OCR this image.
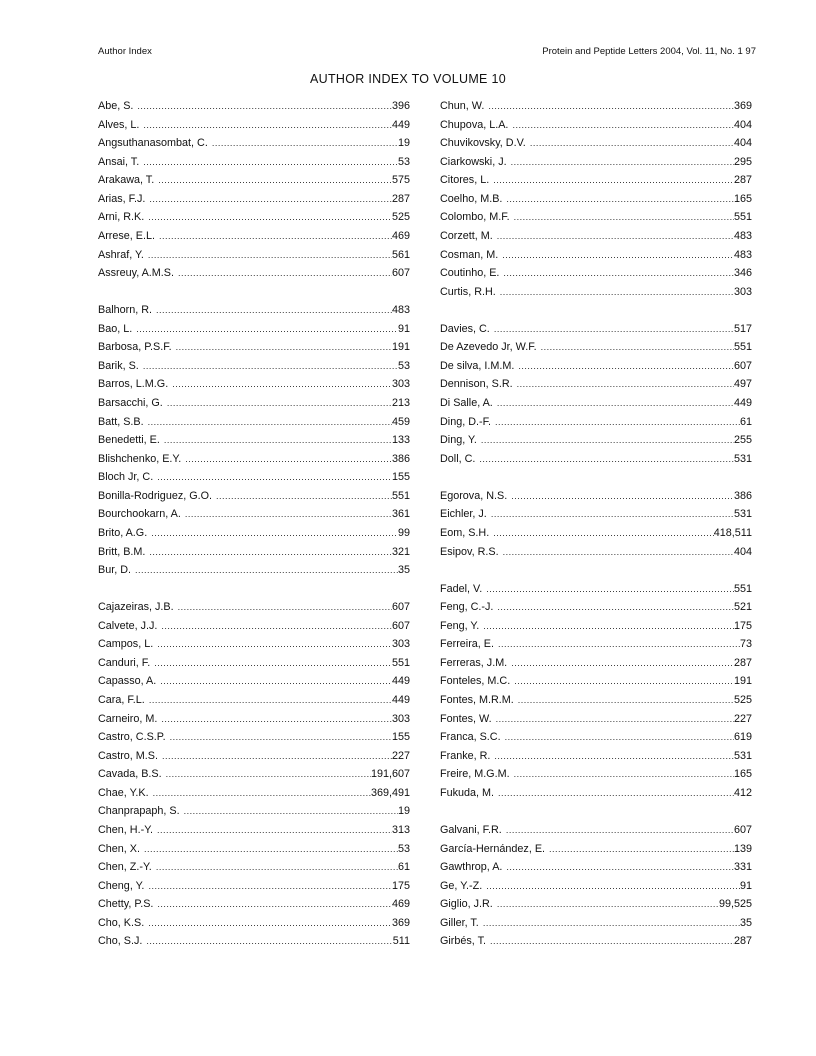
Author Index	Protein and Peptide Letters 2004, Vol. 11, No. 1 97
AUTHOR INDEX TO VOLUME 10
Abe, S. .....	396
Alves, L. .....	449
Angsuthanasombat, C. .....	19
Ansai, T. .....	53
Arakawa, T. .....	575
Arias, F.J. .....	287
Arni, R.K. .....	525
Arrese, E.L. .....	469
Ashraf, Y. .....	561
Assreuy, A.M.S. .....	607
Balhorn, R. .....	483
Bao, L. .....	91
Barbosa, P.S.F. .....	191
Barik, S. .....	53
Barros, L.M.G. .....	303
Barsacchi, G. .....	213
Batt, S.B. .....	459
Benedetti, E. .....	133
Blishchenko, E.Y. .....	386
Bloch Jr, C. .....	155
Bonilla-Rodriguez, G.O. .....	551
Bourchookarn, A. .....	361
Brito, A.G. .....	99
Britt, B.M. .....	321
Bur, D. .....	35
Cajazeiras, J.B. .....	607
Calvete, J.J. .....	607
Campos, L. .....	303
Canduri, F. .....	551
Capasso, A. .....	449
Cara, F.L. .....	449
Carneiro, M. .....	303
Castro, C.S.P. .....	155
Castro, M.S. .....	227
Cavada, B.S. .....	191,607
Chae, Y.K. .....	369,491
Chanprapaph, S. .....	19
Chen, H.-Y. .....	313
Chen, X. .....	53
Chen, Z.-Y. .....	61
Cheng, Y. .....	175
Chetty, P.S. .....	469
Cho, K.S. .....	369
Cho, S.J. .....	511
Chun, W. .....	369
Chupova, L.A. .....	404
Chuvikovsky, D.V. .....	404
Ciarkowski, J. .....	295
Citores, L. .....	287
Coelho, M.B. .....	165
Colombo, M.F. .....	551
Corzett, M. .....	483
Cosman, M. .....	483
Coutinho, E. .....	346
Curtis, R.H. .....	303
Davies, C. .....	517
De Azevedo Jr, W.F. .....	551
De silva, I.M.M. .....	607
Dennison, S.R. .....	497
Di Salle, A. .....	449
Ding, D.-F. .....	61
Ding, Y. .....	255
Doll, C. .....	531
Egorova, N.S. .....	386
Eichler, J. .....	531
Eom, S.H. .....	418,511
Esipov, R.S. .....	404
Fadel, V. .....	551
Feng, C.-J. .....	521
Feng, Y. .....	175
Ferreira, E. .....	73
Ferreras, J.M. .....	287
Fonteles, M.C. .....	191
Fontes, M.R.M. .....	525
Fontes, W. .....	227
Franca, S.C. .....	619
Franke, R. .....	531
Freire, M.G.M. .....	165
Fukuda, M. .....	412
Galvani, F.R. .....	607
García-Hernández, E. .....	139
Gawthrop, A. .....	331
Ge, Y.-Z. .....	91
Giglio, J.R. .....	99,525
Giller, T. .....	35
Girbés, T. .....	287
